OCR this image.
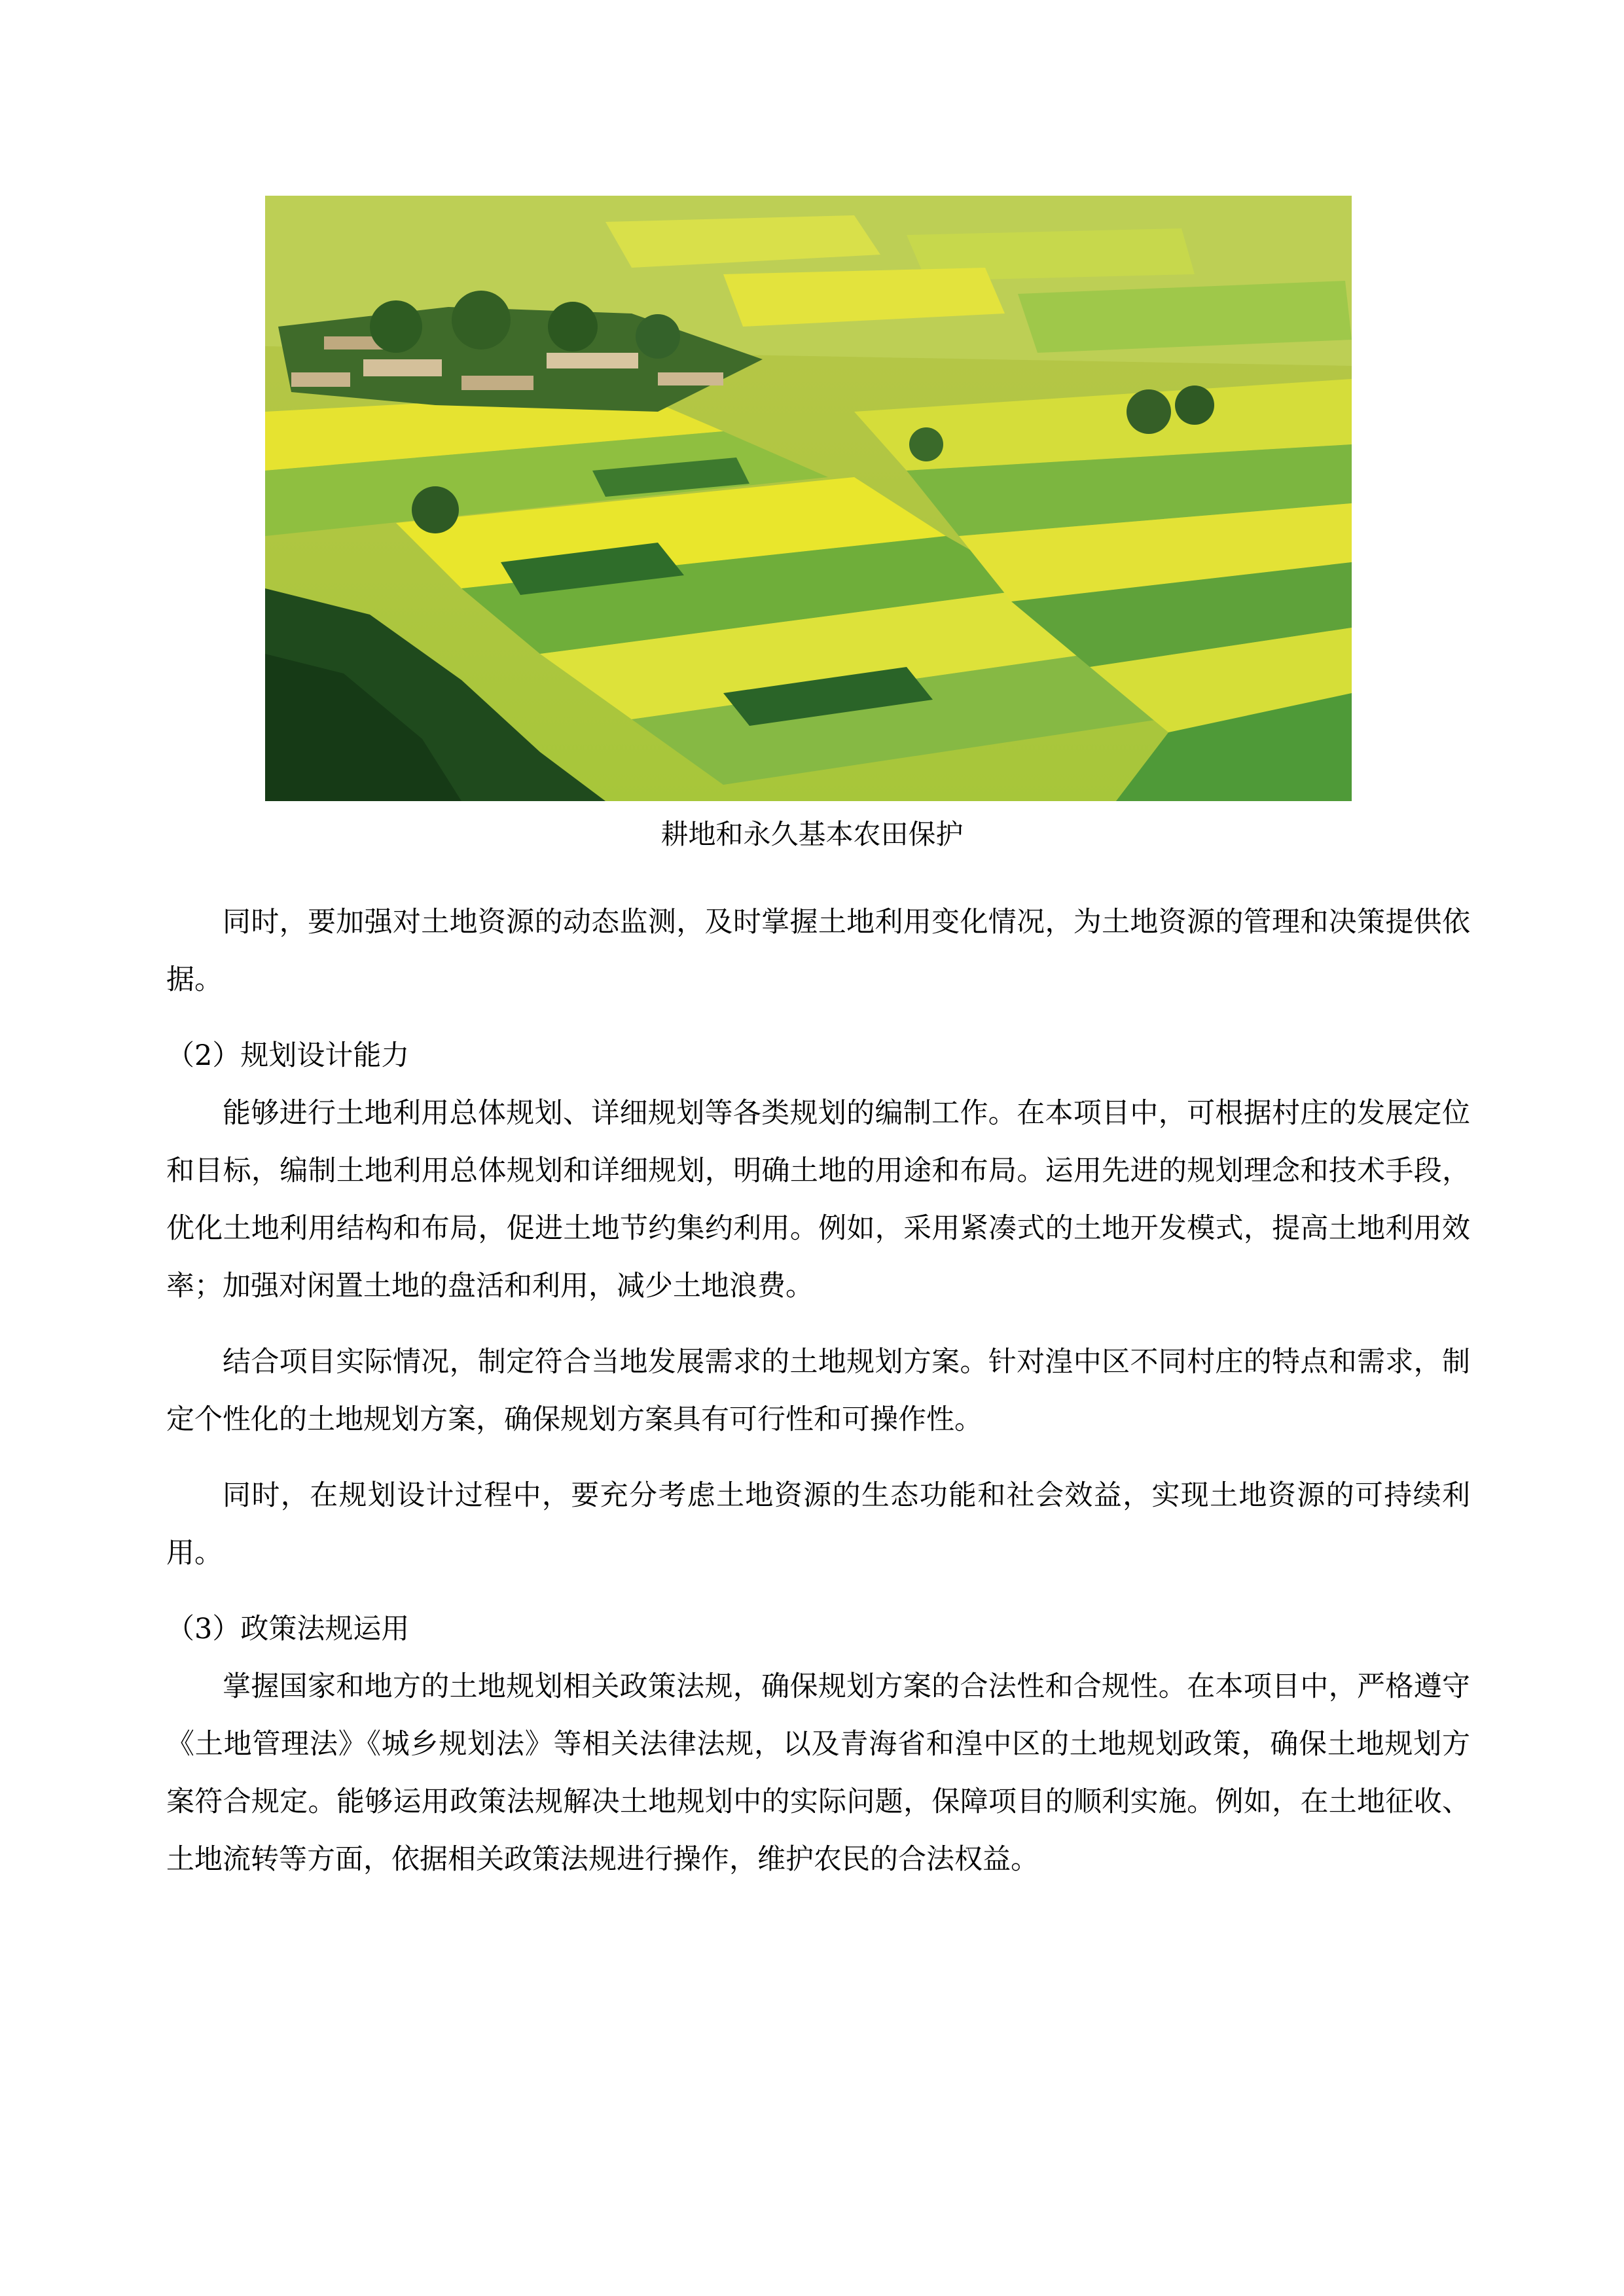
耕地和永久基本农田保护

同时，要加强对土地资源的动态监测，及时掌握土地利用变化情况，为土地资源的管理和决策提供依据。

（2）规划设计能力

能够进行土地利用总体规划、详细规划等各类规划的编制工作。在本项目中，可根据村庄的发展定位和目标，编制土地利用总体规划和详细规划，明确土地的用途和布局。运用先进的规划理念和技术手段，优化土地利用结构和布局，促进土地节约集约利用。例如，采用紧凑式的土地开发模式，提高土地利用效率；加强对闲置土地的盘活和利用，减少土地浪费。

结合项目实际情况，制定符合当地发展需求的土地规划方案。针对湟中区不同村庄的特点和需求，制定个性化的土地规划方案，确保规划方案具有可行性和可操作性。

同时，在规划设计过程中，要充分考虑土地资源的生态功能和社会效益，实现土地资源的可持续利用。

（3）政策法规运用

掌握国家和地方的土地规划相关政策法规，确保规划方案的合法性和合规性。在本项目中，严格遵守《土地管理法》《城乡规划法》等相关法律法规，以及青海省和湟中区的土地规划政策，确保土地规划方案符合规定。能够运用政策法规解决土地规划中的实际问题，保障项目的顺利实施。例如，在土地征收、土地流转等方面，依据相关政策法规进行操作，维护农民的合法权益。
